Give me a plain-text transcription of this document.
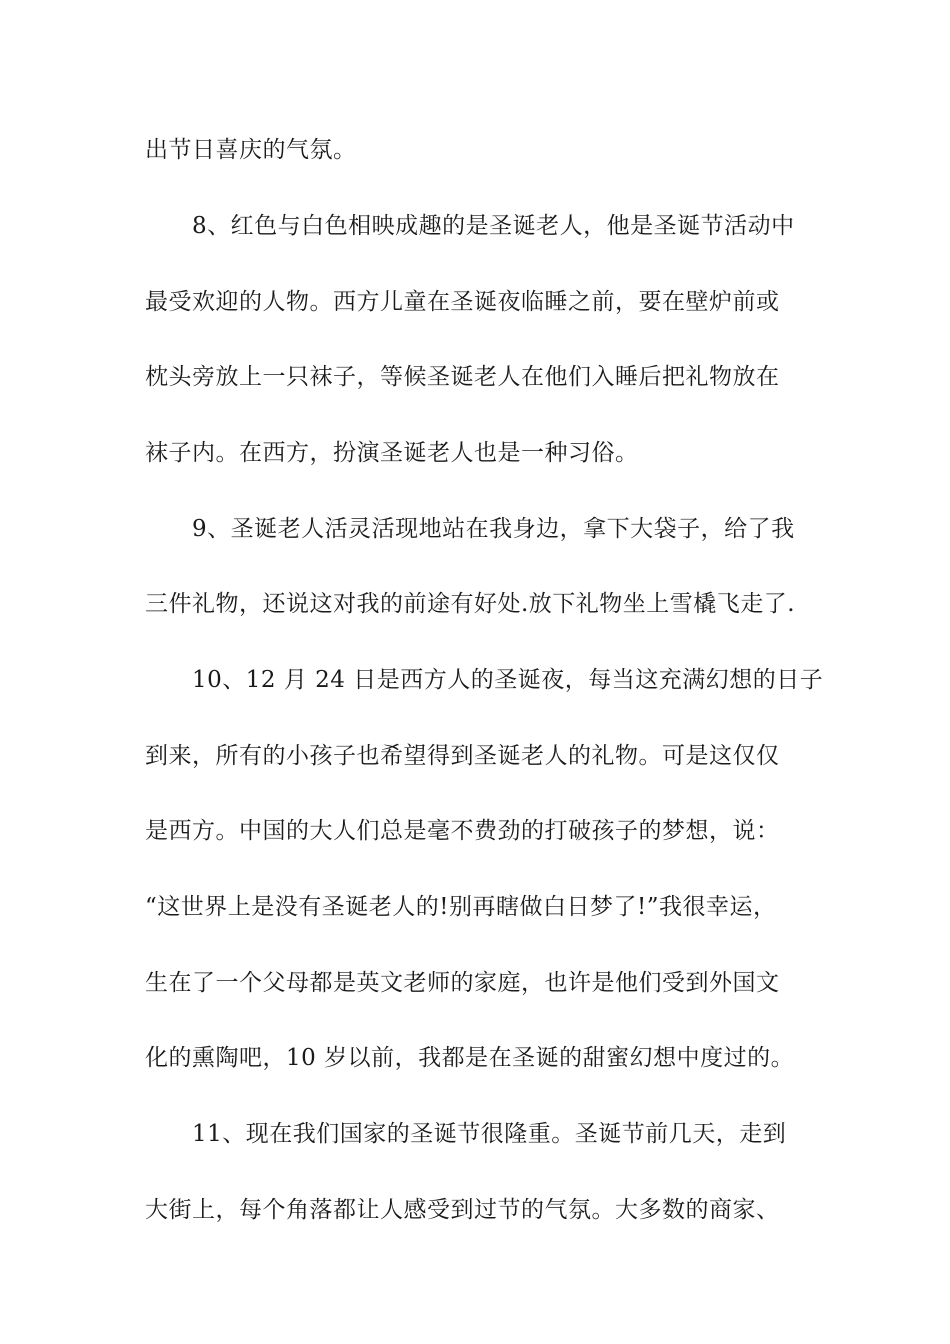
出节日喜庆的气氛。
8、红色与白色相映成趣的是圣诞老人，他是圣诞节活动中
最受欢迎的人物。西方儿童在圣诞夜临睡之前，要在壁炉前或
枕头旁放上一只袜子，等候圣诞老人在他们入睡后把礼物放在
袜子内。在西方，扮演圣诞老人也是一种习俗。
9、圣诞老人活灵活现地站在我身边，拿下大袋子，给了我
三件礼物，还说这对我的前途有好处.放下礼物坐上雪橇飞走了.
10、12 月 24 日是西方人的圣诞夜，每当这充满幻想的日子
到来，所有的小孩子也希望得到圣诞老人的礼物。可是这仅仅
是西方。中国的大人们总是毫不费劲的打破孩子的梦想，说：
“这世界上是没有圣诞老人的!别再瞎做白日梦了!”我很幸运，
生在了一个父母都是英文老师的家庭，也许是他们受到外国文
化的熏陶吧，10 岁以前，我都是在圣诞的甜蜜幻想中度过的。
11、现在我们国家的圣诞节很隆重。圣诞节前几天，走到
大街上，每个角落都让人感受到过节的气氛。大多数的商家、
